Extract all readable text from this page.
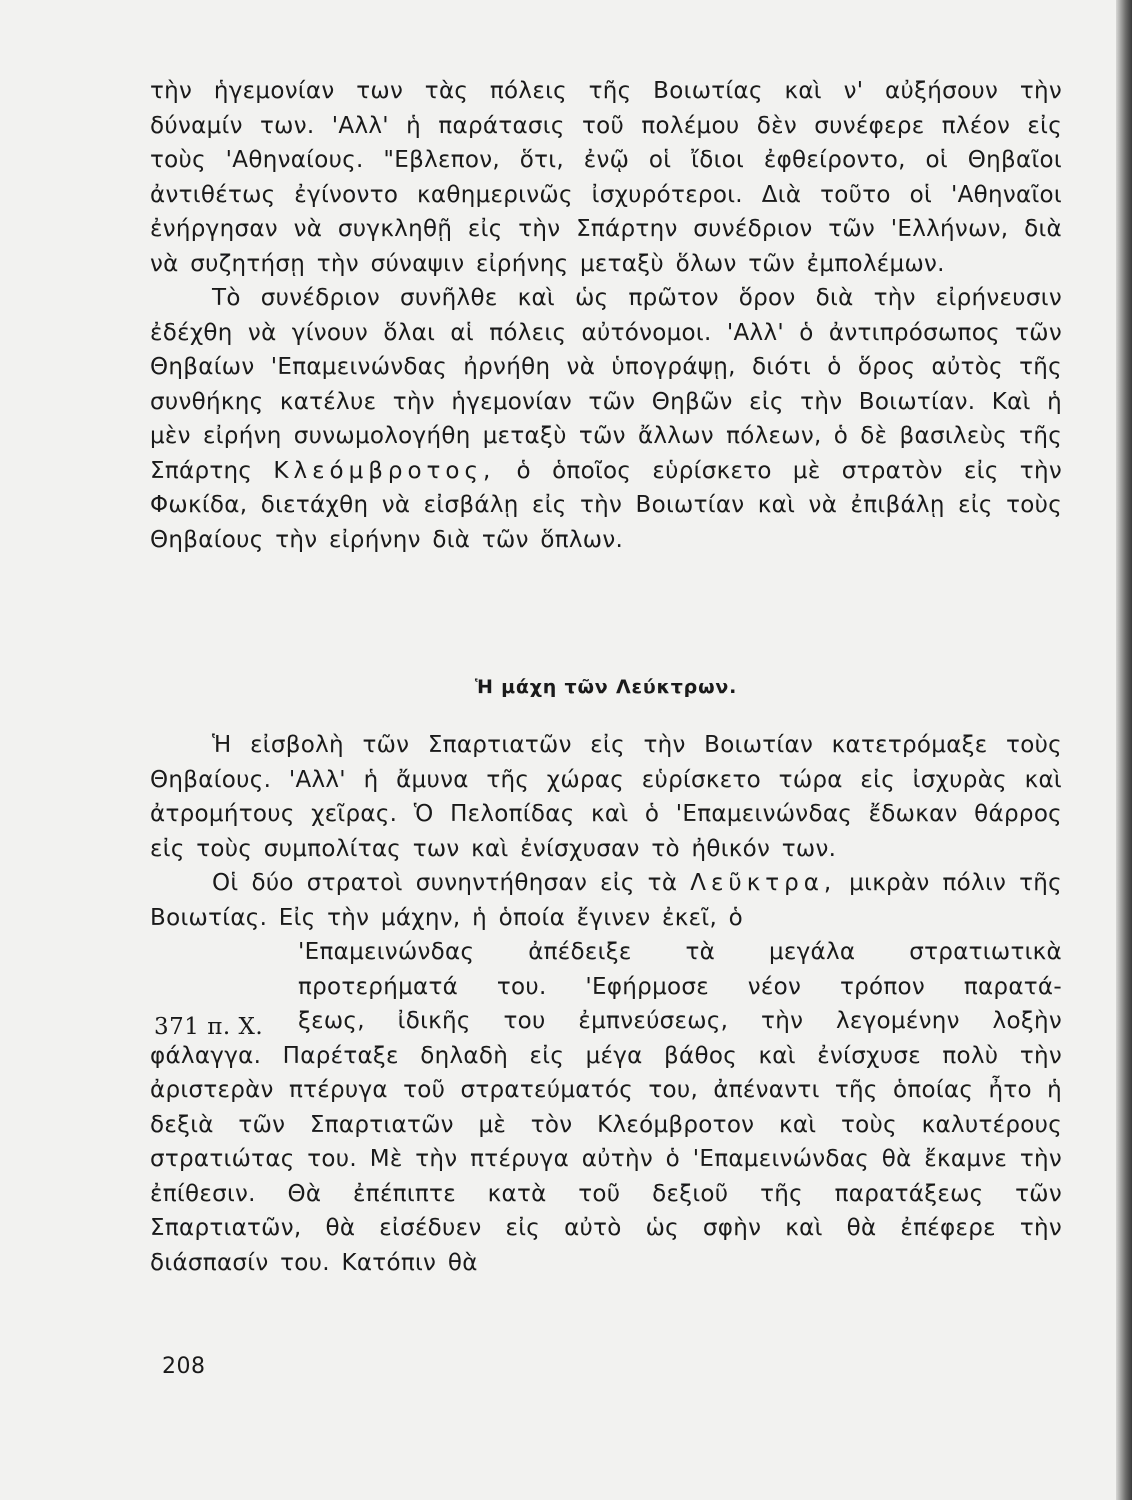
τὴν ἡγεμονίαν των τὰς πόλεις τῆς Βοιωτίας καὶ ν' αὐξήσουν τὴν δύναμίν των. 'Αλλ' ἡ παράτασις τοῦ πολέμου δὲν συνέφερε πλέον εἰς τοὺς 'Αθηναίους. "Εβλεπον, ὅτι, ἐνῷ οἱ ἴδιοι ἐφθείροντο, οἱ Θηβαῖοι ἀντιθέτως ἐγίνοντο καθημερινῶς ἰσχυρότεροι. Διὰ τοῦτο οἱ 'Αθηναῖοι ἐνήργησαν νὰ συγκληθῇ εἰς τὴν Σπάρτην συνέδριον τῶν 'Ελλήνων, διὰ νὰ συζητήσῃ τὴν σύναψιν εἰρήνης μεταξὺ ὅλων τῶν ἐμπολέμων.

Τὸ συνέδριον συνῆλθε καὶ ὡς πρῶτον ὅρον διὰ τὴν εἰρήνευσιν ἐδέχθη νὰ γίνουν ὅλαι αἱ πόλεις αὐτόνομοι. 'Αλλ' ὁ ἀντιπρόσωπος τῶν Θηβαίων 'Επαμεινώνδας ἠρνήθη νὰ ὑπογράψῃ, διότι ὁ ὅρος αὐτὸς τῆς συνθήκης κατέλυε τὴν ἡγεμονίαν τῶν Θηβῶν εἰς τὴν Βοιωτίαν. Καὶ ἡ μὲν εἰρήνη συνωμολογήθη μεταξὺ τῶν ἄλλων πόλεων, ὁ δὲ βασιλεὺς τῆς Σπάρτης Κλεόμβροτος, ὁ ὁποῖος εὑρίσκετο μὲ στρατὸν εἰς τὴν Φωκίδα, διετάχθη νὰ εἰσβάλῃ εἰς τὴν Βοιωτίαν καὶ νὰ ἐπιβάλῃ εἰς τοὺς Θηβαίους τὴν εἰρήνην διὰ τῶν ὅπλων.

Ἡ μάχη τῶν Λεύκτρων.

Ἡ εἰσβολὴ τῶν Σπαρτιατῶν εἰς τὴν Βοιωτίαν κατετρόμαξε τοὺς Θηβαίους. 'Αλλ' ἡ ἄμυνα τῆς χώρας εὑρίσκετο τώρα εἰς ἰσχυρὰς καὶ ἀτρομήτους χεῖρας. Ὁ Πελοπίδας καὶ ὁ 'Επαμεινώνδας ἔδωκαν θάρρος εἰς τοὺς συμπολίτας των καὶ ἐνίσχυσαν τὸ ἠθικόν των.

Οἱ δύο στρατοὶ συνηντήθησαν εἰς τὰ Λεῦκτρα, μικρὰν πόλιν τῆς Βοιωτίας. Εἰς τὴν μάχην, ἡ ὁποία ἔγινεν ἐκεῖ, ὁ

'Επαμεινώνδας ἀπέδειξε τὰ μεγάλα στρατιωτικὰ
προτερήματά του. 'Εφήρμοσε νέον τρόπον παρατά-
ξεως, ἰδικῆς του ἐμπνεύσεως, τὴν λεγομένην λοξὴν

φάλαγγα. Παρέταξε δηλαδὴ εἰς μέγα βάθος καὶ ἐνίσχυσε πολὺ τὴν ἀριστερὰν πτέρυγα τοῦ στρατεύματός του, ἀπέναντι τῆς ὁποίας ἦτο ἡ δεξιὰ τῶν Σπαρτιατῶν μὲ τὸν Κλεόμβροτον καὶ τοὺς καλυτέρους στρατιώτας του. Μὲ τὴν πτέρυγα αὐτὴν ὁ 'Επαμεινώνδας θὰ ἔκαμνε τὴν ἐπίθεσιν. Θὰ ἐπέπιπτε κατὰ τοῦ δεξιοῦ τῆς παρατάξεως τῶν Σπαρτιατῶν, θὰ εἰσέδυεν εἰς αὐτὸ ὡς σφὴν καὶ θὰ ἐπέφερε τὴν διάσπασίν του. Κατόπιν θὰ

371 π. Χ.
208
